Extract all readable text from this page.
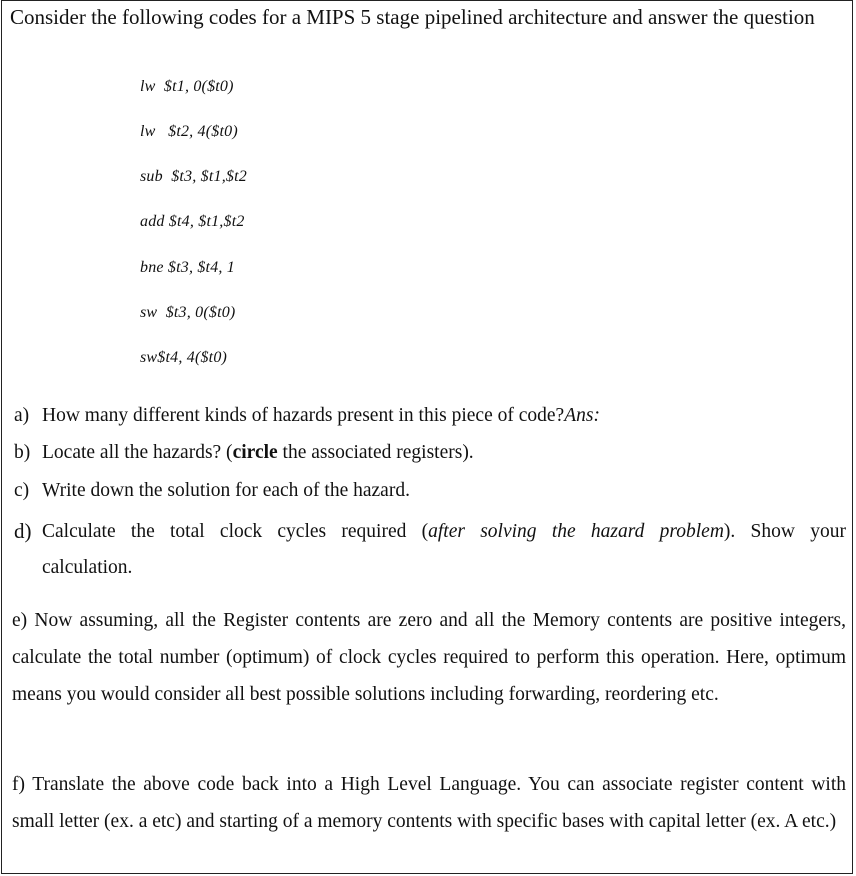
Consider the following codes for a MIPS 5 stage pipelined architecture and answer the question
lw  $t1, 0($t0)
lw   $t2, 4($t0)
sub  $t3, $t1,$t2
add $t4, $t1,$t2
bne $t3, $t4, 1
sw  $t3, 0($t0)
sw$t4, 4($t0)
a) How many different kinds of hazards present in this piece of code?Ans:
b) Locate all the hazards? (circle the associated registers).
c) Write down the solution for each of the hazard.
d) Calculate the total clock cycles required (after solving the hazard problem). Show your
calculation.
e) Now assuming, all the Register contents are zero and all the Memory contents are positive integers, calculate the total number (optimum) of clock cycles required to perform this operation. Here, optimum means you would consider all best possible solutions including forwarding, reordering etc.
f) Translate the above code back into a High Level Language. You can associate register content with small letter (ex. a etc) and starting of a memory contents with specific bases with capital letter (ex. A etc.)
